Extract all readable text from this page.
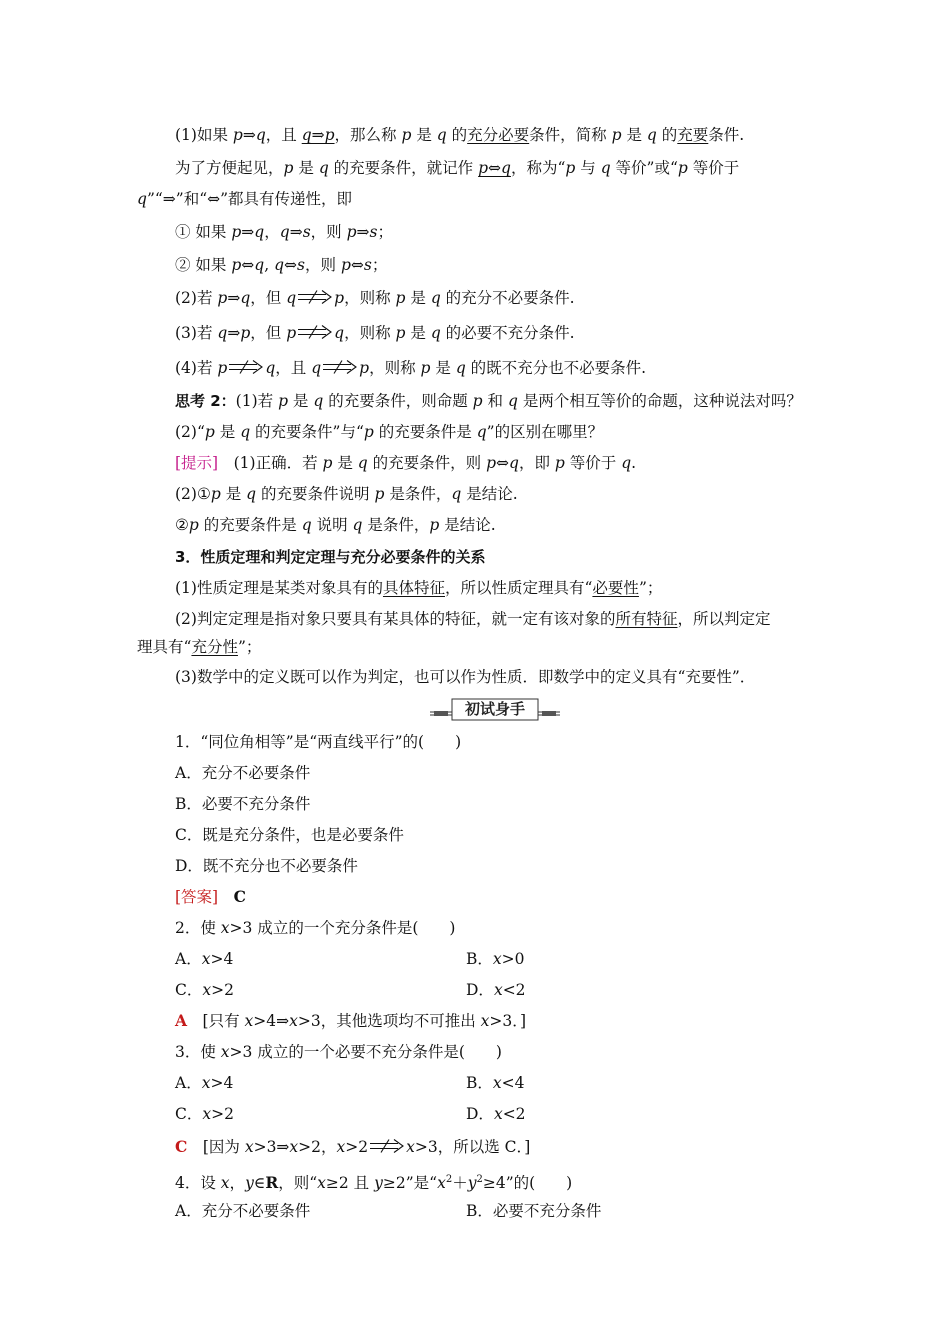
(1)如果 p⇒q，且 q⇒p，那么称 p 是 q 的充分必要条件，简称 p 是 q 的充要条件.
为了方便起见，p 是 q 的充要条件，就记作 p⇔q，称为“p 与 q 等价”或“p 等价于
q”“⇒”和“⇔”都具有传递性，即
① 如果 p⇒q，q⇒s，则 p⇒s；
② 如果 p⇔q, q⇔s，则 p⇔s；
(2)若 p⇒q，但 q p，则称 p 是 q 的充分不必要条件.
(3)若 q⇒p，但 p q，则称 p 是 q 的必要不充分条件.
(4)若 p q，且 q p，则称 p 是 q 的既不充分也不必要条件.
思考 2：(1)若 p 是 q 的充要条件，则命题 p 和 q 是两个相互等价的命题，这种说法对吗？
(2)“p 是 q 的充要条件”与“p 的充要条件是 q”的区别在哪里？
[提示]　(1)正确．若 p 是 q 的充要条件，则 p⇔q，即 p 等价于 q.
(2)①p 是 q 的充要条件说明 p 是条件，q 是结论.
②p 的充要条件是 q 说明 q 是条件，p 是结论.
3．性质定理和判定定理与充分必要条件的关系
(1)性质定理是某类对象具有的具体特征，所以性质定理具有“必要性”；
(2)判定定理是指对象只要具有某具体的特征，就一定有该对象的所有特征，所以判定定
理具有“充分性”；
(3)数学中的定义既可以作为判定，也可以作为性质．即数学中的定义具有“充要性”．
初试身手
1．“同位角相等”是“两直线平行”的(　　)
A．充分不必要条件
B．必要不充分条件
C．既是充分条件，也是必要条件
D．既不充分也不必要条件
[答案]　 C
2．使 x>3 成立的一个充分条件是(　　)
A．x>4	B．x>0
C．x>2	D．x<2
A　[只有 x>4⇒x>3，其他选项均不可推出 x>3．]
3．使 x>3 成立的一个必要不充分条件是(　　)
A．x>4	B．x<4
C．x>2	D．x<2
C　[因为 x>3⇒x>2，x>2 x>3，所以选 C．]
4．设 x，y∈R，则“x≥2 且 y≥2”是“$x^2+y^2\ge 4$”的(　　)
A．充分不必要条件	B．必要不充分条件
